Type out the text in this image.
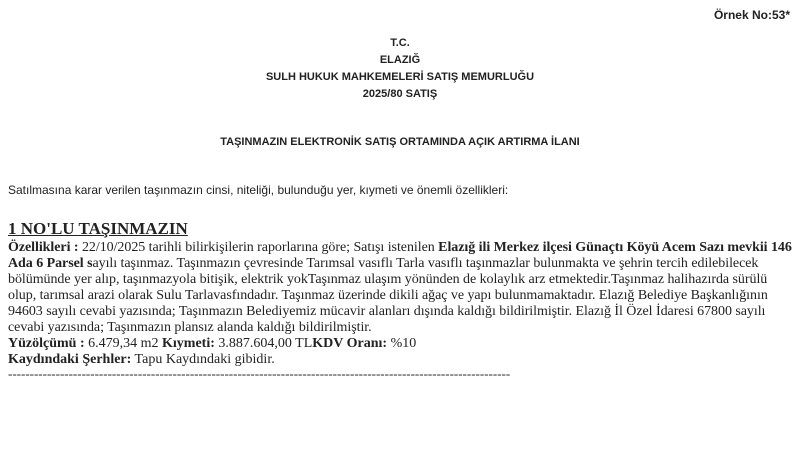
Örnek No:53*
T.C.
ELAZIĞ
SULH HUKUK MAHKEMELERİ SATIŞ MEMURLUĞU
2025/80 SATIŞ
TAŞINMAZIN ELEKTRONİK SATIŞ ORTAMINDA AÇIK ARTIRMA İLANI
Satılmasına karar verilen taşınmazın cinsi, niteliği, bulunduğu yer, kıymeti ve önemli özellikleri:
1 NO'LU TAŞINMAZIN
Özellikleri : 22/10/2025 tarihli bilirkişilerin raporlarına göre; Satışı istenilen Elazığ ili Merkez ilçesi Günaçtı Köyü Acem Sazı mevkii 146 Ada 6 Parsel sayılı taşınmaz. Taşınmazın çevresinde Tarımsal vasıflı Tarla vasıflı taşınmazlar bulunmakta ve şehrin tercih edilebilecek bölümünde yer alıp, taşınmazyola bitişik, elektrik yokTaşınmaz ulaşım yönünden de kolaylık arz etmektedir.Taşınmaz halihazırda sürülü olup, tarımsal arazi olarak Sulu Tarlavasfındadır. Taşınmaz üzerinde dikili ağaç ve yapı bulunmamaktadır. Elazığ Belediye Başkanlığının 94603 sayılı cevabi yazısında; Taşınmazın Belediyemiz mücavir alanları dışında kaldığı bildirilmiştir. Elazığ İl Özel İdaresi 67800 sayılı cevabi yazısında; Taşınmazın plansız alanda kaldığı bildirilmiştir.
Yüzölçümü : 6.479,34 m2 Kıymeti: 3.887.604,00 TLKDV Oranı: %10
Kaydındaki Şerhler: Tapu Kaydındaki gibidir.
--------------------------------------------------------------------------------------------------------------------
